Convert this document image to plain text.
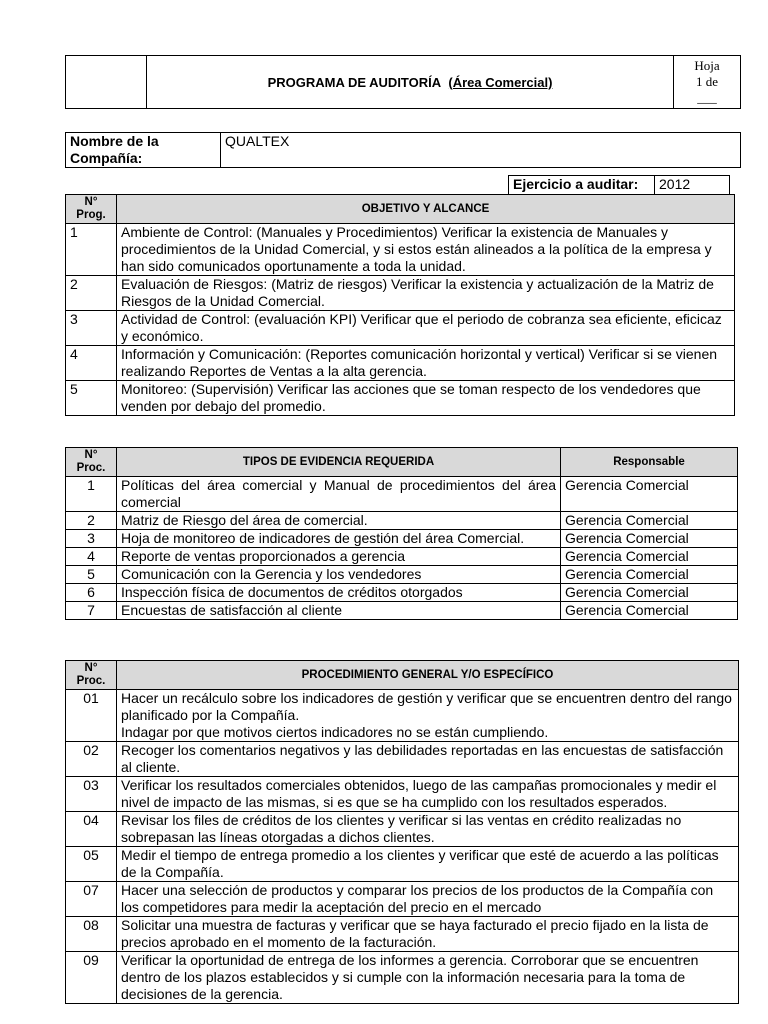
	PROGRAMA DE AUDITORÍA (Área Comercial)	
Hoja
1 de
___
Nombre de la Compañía:	QUALTEX
Ejercicio a auditar:	2012
N° Prog.	OBJETIVO Y ALCANCE
1	Ambiente de Control: (Manuales y Procedimientos) Verificar la existencia de Manuales y procedimientos de la Unidad Comercial, y si estos están alineados a la política de la empresa y han sido comunicados oportunamente a toda la unidad.
2	Evaluación de Riesgos: (Matriz de riesgos) Verificar la existencia y actualización de la Matriz de Riesgos de la Unidad Comercial.
3	Actividad de Control: (evaluación KPI) Verificar que el periodo de cobranza sea eficiente, eficicaz y económico.
4	Información y Comunicación: (Reportes comunicación horizontal y vertical) Verificar si se vienen realizando Reportes de Ventas a la alta gerencia.
5	Monitoreo: (Supervisión) Verificar las acciones que se toman respecto de los vendedores que venden por debajo del promedio.
N° Proc.	TIPOS DE EVIDENCIA REQUERIDA	Responsable
1	Políticas del área comercial y Manual de procedimientos del área comercial	Gerencia Comercial
2	Matriz de Riesgo del área de comercial.	Gerencia Comercial
3	Hoja de monitoreo de indicadores de gestión del área Comercial.	Gerencia Comercial
4	Reporte de ventas proporcionados a gerencia	Gerencia Comercial
5	Comunicación con la Gerencia y los vendedores	Gerencia Comercial
6	Inspección física de documentos de créditos otorgados	Gerencia Comercial
7	Encuestas de satisfacción al cliente	Gerencia Comercial
N° Proc.	PROCEDIMIENTO GENERAL Y/O ESPECÍFICO
01	Hacer un recálculo sobre los indicadores de gestión y verificar que se encuentren dentro del rango planificado por la Compañía.
Indagar por que motivos ciertos indicadores no se están cumpliendo.

02	Recoger los comentarios negativos y las debilidades reportadas en las encuestas de satisfacción al cliente.
03	Verificar los resultados comerciales obtenidos, luego de las campañas promocionales y medir el nivel de impacto de las mismas, si es que se ha cumplido con los resultados esperados.
04	Revisar los files de créditos de los clientes y verificar si las ventas en crédito realizadas no sobrepasan las líneas otorgadas a dichos clientes.
05	Medir el tiempo de entrega promedio a los clientes y verificar que esté de acuerdo a las políticas de la Compañía.
07	Hacer una selección de productos y comparar los precios de los productos de la Compañía con los competidores para medir la aceptación del precio en el mercado
08	Solicitar una muestra de facturas y verificar que se haya facturado el precio fijado en la lista de precios aprobado en el momento de la facturación.
09	Verificar la oportunidad de entrega de los informes a gerencia. Corroborar que se encuentren dentro de los plazos establecidos y si cumple con la información necesaria para la toma de decisiones de la gerencia.
